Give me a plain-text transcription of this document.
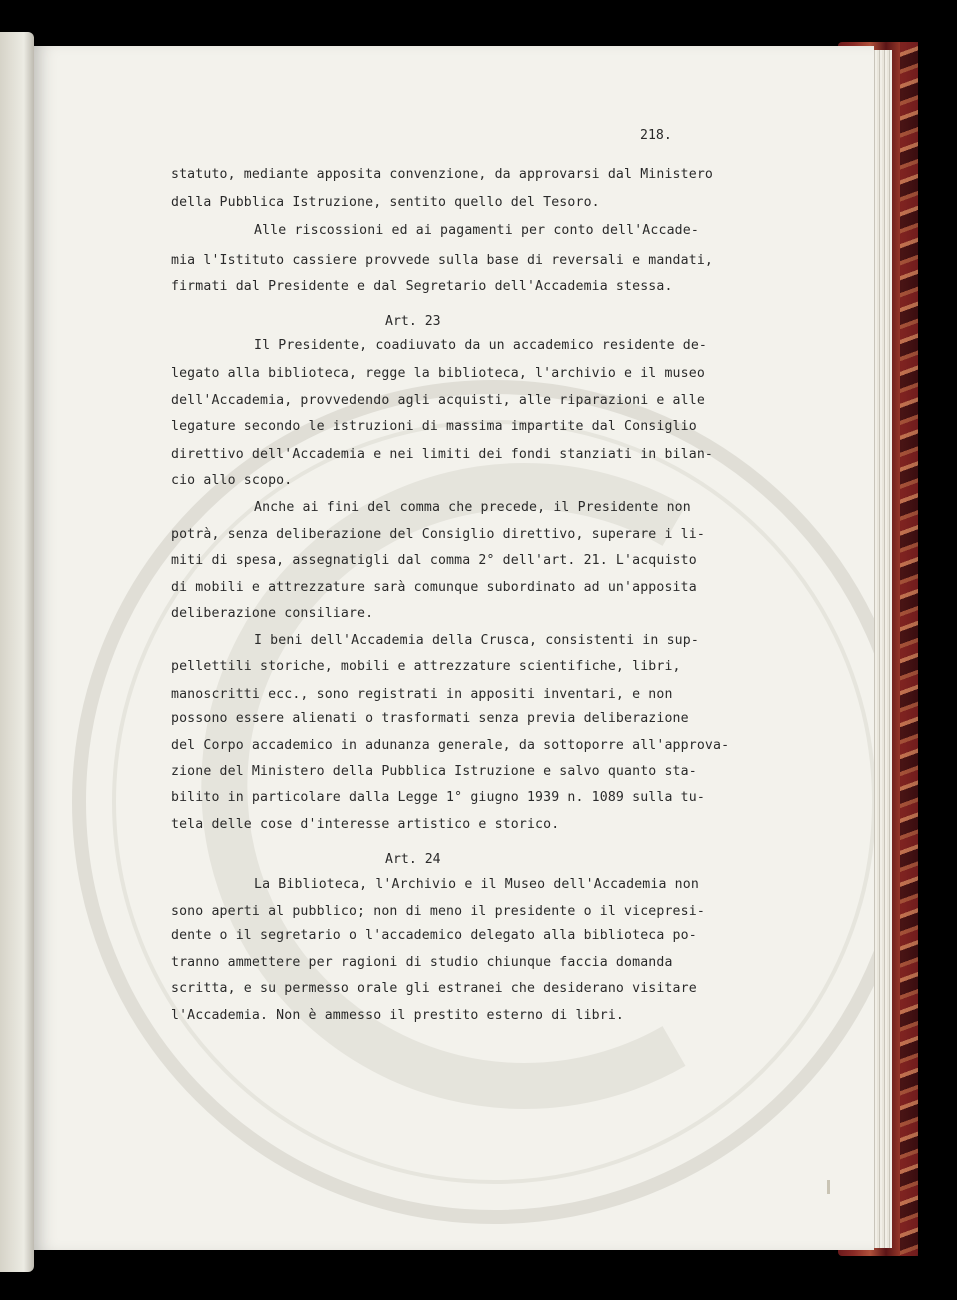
218.
statuto, mediante apposita convenzione, da approvarsi dal Ministero
della Pubblica Istruzione, sentito quello del Tesoro.
Alle riscossioni ed ai pagamenti per conto dell'Accade-
mia l'Istituto cassiere provvede sulla base di reversali e mandati,
firmati dal Presidente e dal Segretario dell'Accademia stessa.
Art. 23
Il Presidente, coadiuvato da un accademico residente de-
legato alla biblioteca, regge la biblioteca, l'archivio e il museo
dell'Accademia, provvedendo agli acquisti, alle riparazioni e alle
legature secondo le istruzioni di massima impartite dal Consiglio
direttivo dell'Accademia e nei limiti dei fondi stanziati in bilan-
cio allo scopo.
Anche ai fini del comma che precede, il Presidente non
potrà, senza deliberazione del Consiglio direttivo, superare i li-
miti di spesa, assegnatigli dal comma 2° dell'art. 21. L'acquisto
di mobili e attrezzature sarà comunque subordinato ad un'apposita
deliberazione consiliare.
I beni dell'Accademia della Crusca, consistenti in sup-
pellettili storiche, mobili e attrezzature scientifiche, libri,
manoscritti ecc., sono registrati in appositi inventari, e non
possono essere alienati o trasformati senza previa deliberazione
del Corpo accademico in adunanza generale, da sottoporre all'approva-
zione del Ministero della Pubblica Istruzione e salvo quanto sta-
bilito in particolare dalla Legge 1° giugno 1939 n. 1089 sulla tu-
tela delle cose d'interesse artistico e storico.
Art. 24
La Biblioteca, l'Archivio e il Museo dell'Accademia non
sono aperti al pubblico; non di meno il presidente o il vicepresi-
dente o il segretario o l'accademico delegato alla biblioteca po-
tranno ammettere per ragioni di studio chiunque faccia domanda
scritta, e su permesso orale gli estranei che desiderano visitare
l'Accademia. Non è ammesso il prestito esterno di libri.
